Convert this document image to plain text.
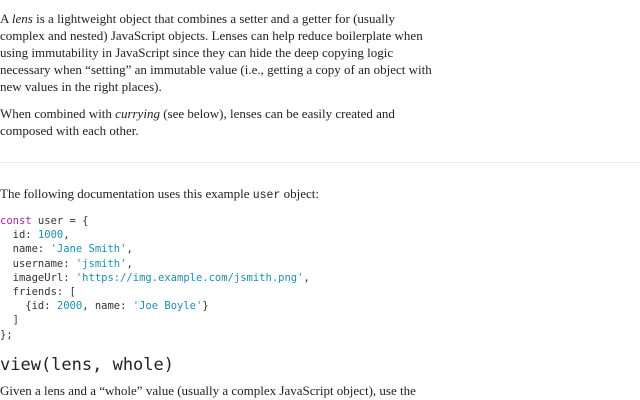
A lens is a lightweight object that combines a setter and a getter for (usually complex and nested) JavaScript objects. Lenses can help reduce boilerplate when using immutability in JavaScript since they can hide the deep copying logic necessary when “setting” an immutable value (i.e., getting a copy of an object with new values in the right places).

When combined with currying (see below), lenses can be easily created and composed with each other.

The following documentation uses this example user object:

const user = {
id: 1000,
name: 'Jane Smith',
username: 'jsmith',
imageUrl: 'https://img.example.com/jsmith.png',
friends: [
{id: 2000, name: 'Joe Boyle'}
]
};
view(lens, whole)

Given a lens and a “whole” value (usually a complex JavaScript object), use the
